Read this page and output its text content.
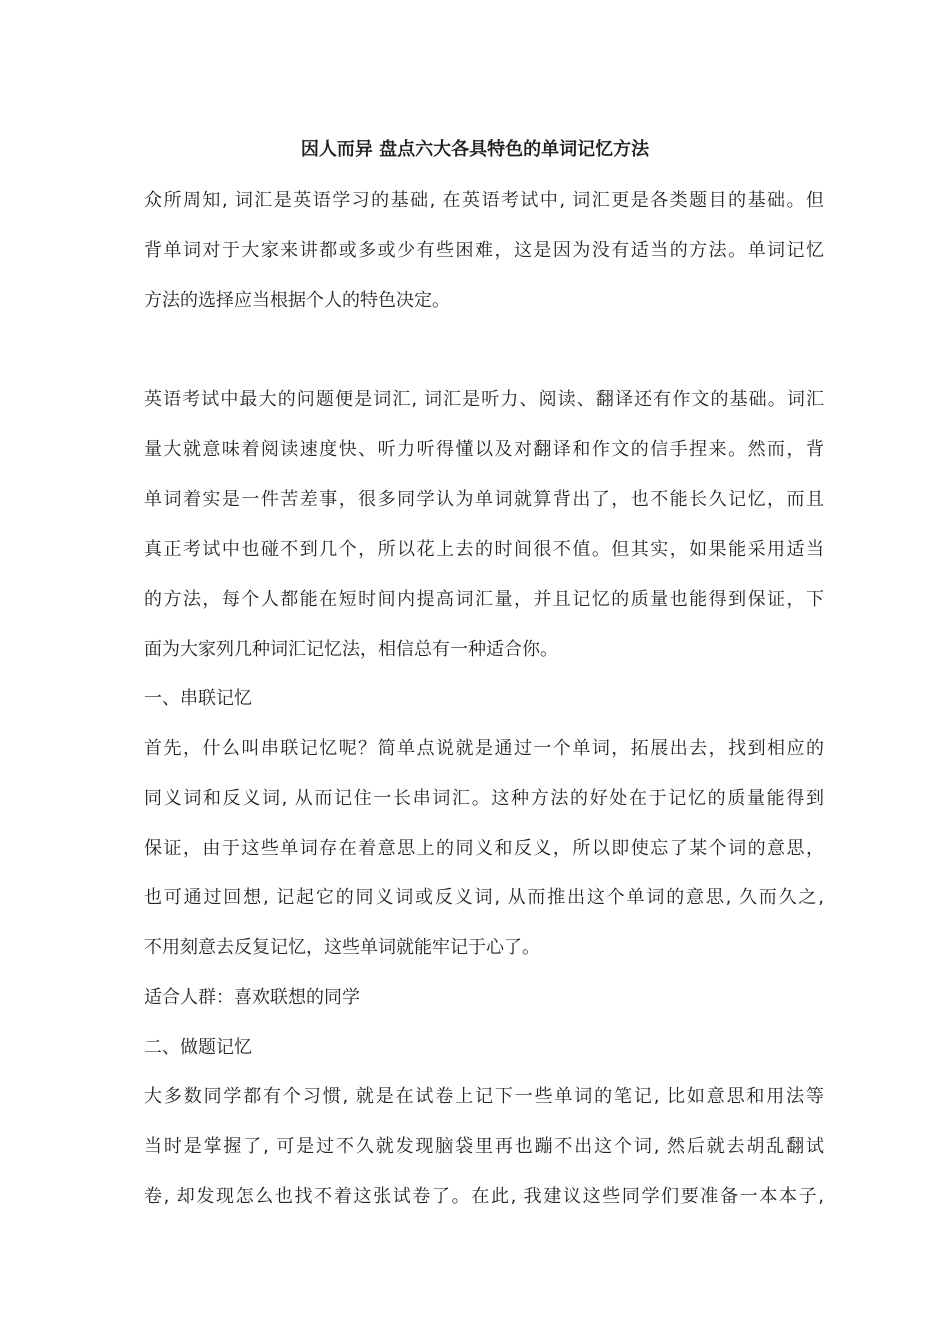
因人而异 盘点六大各具特色的单词记忆方法
众所周知, 词汇是英语学习的基础, 在英语考试中, 词汇更是各类题目的基础。但
背单词对于大家来讲都或多或少有些困难，这是因为没有适当的方法。单词记忆
方法的选择应当根据个人的特色决定。
英语考试中最大的问题便是词汇, 词汇是听力、阅读、翻译还有作文的基础。词汇
量大就意味着阅读速度快、听力听得懂以及对翻译和作文的信手捏来。然而，背
单词着实是一件苦差事，很多同学认为单词就算背出了，也不能长久记忆，而且
真正考试中也碰不到几个，所以花上去的时间很不值。但其实，如果能采用适当
的方法，每个人都能在短时间内提高词汇量，并且记忆的质量也能得到保证，下
面为大家列几种词汇记忆法，相信总有一种适合你。
一、串联记忆
首先，什么叫串联记忆呢？简单点说就是通过一个单词，拓展出去，找到相应的
同义词和反义词, 从而记住一长串词汇。这种方法的好处在于记忆的质量能得到
保证，由于这些单词存在着意思上的同义和反义，所以即使忘了某个词的意思，
也可通过回想, 记起它的同义词或反义词, 从而推出这个单词的意思, 久而久之,
不用刻意去反复记忆，这些单词就能牢记于心了。
适合人群：喜欢联想的同学
二、做题记忆
大多数同学都有个习惯, 就是在试卷上记下一些单词的笔记, 比如意思和用法等
当时是掌握了, 可是过不久就发现脑袋里再也蹦不出这个词, 然后就去胡乱翻试
卷, 却发现怎么也找不着这张试卷了。在此, 我建议这些同学们要准备一本本子,
